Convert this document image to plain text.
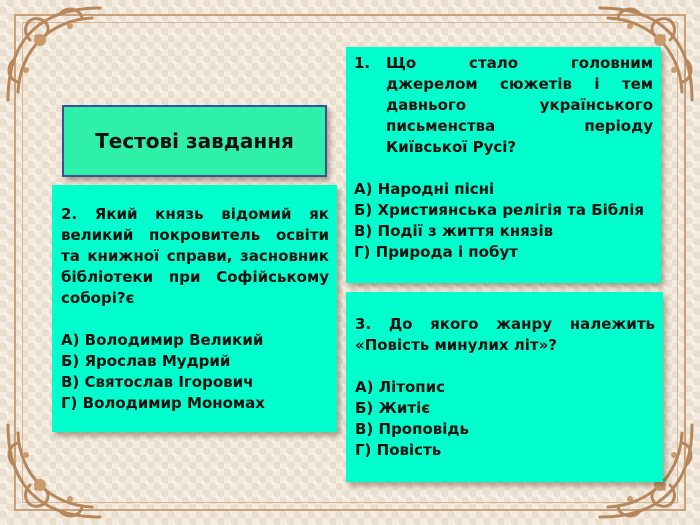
Тестові завдання
1.	Що стало головним джерелом сюжетів і тем давнього українського письменства періоду Київської Русі?
А) Народні пісні
Б) Християнська релігія та Біблія
В) Події з життя князів
Г) Природа і побут
2. Який князь відомий як великий покровитель освіти та книжної справи, засновник бібліотеки при Софійському соборі?є
А) Володимир Великий
Б) Ярослав Мудрий
В) Святослав Ігорович
Г) Володимир Мономах
3. До якого жанру належить «Повість минулих літ»?
А) Літопис
Б) Житіє
В) Проповідь
Г) Повість
